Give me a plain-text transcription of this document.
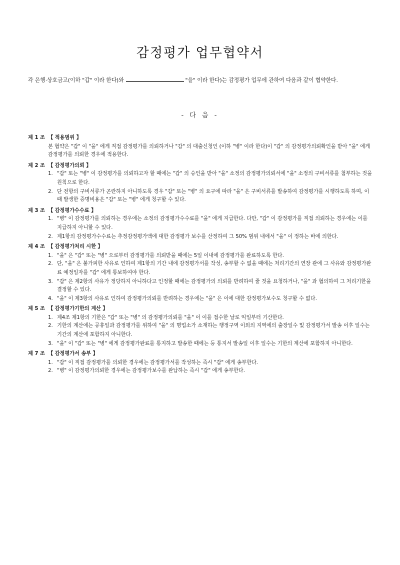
감정평가 업무협약서
각 은행·상호금고(이하 "갑" 이라 한다)와	"을" 이라 한다)는 감정평가 업무에 관하여 다음과 같이 협약한다.
- 다 음 -
제 1 조 【 적용범위 】
본 협약은 "갑" 이 "을" 에게 직접 감정평가를 의뢰하거나 "갑" 의 대출신청인 (이하 "병" 이라 한다)이 "갑" 의 감정평가의뢰확인을 받아 "을" 에게 감정평가를 의뢰한 경우에 적용한다.
제 2 조 【 감정평가의뢰 】
1. "갑" 또는 "병" 이 감정평가를 의뢰하고자 할 때에는 "갑" 의 승인을 받아 "을" 소정의 감정평가의뢰서에 "을" 소정의 구비서류를 첨부하는 것을 원칙으로 한다.
2. 단 전항의 구비서류가 곤란하지 아니하도록 경우 "갑" 또는 "병" 의 요구에 따라 "을" 은 구비서류를 발송하여 감정평가를 시행하도록 하며, 이때 발생한 증명비용은 "갑" 또는 "병" 에게 청구할 수 있다.
제 3 조 【 감정평가수수료 】
1. "병" 이 감정평가를 의뢰하는 경우에는 소정의 감정평가수수료를 "을" 에게 지급한다. 다만, "갑" 이 감정평가를 직접 의뢰하는 경우에는 이를 지급하지 아니할 수 있다.
2. 제1항의 감정평가수수료는 추정감정평가액에 대한 감정평가 보수를 산정하여 그 50% 범위 내에서 "을" 이 정하는 바에 의한다.
제 4 조 【 감정평가처리 시한 】
1. "을" 은 "갑" 또는 "병" 으로부터 감정평가를 의뢰받을 때에는 5일 이내에 감정평가를 완료하도록 한다.
2. 단, "을" 은 불가피한 사유로 인하여 제1항의 기간 내에 감정평가서를 작성, 송부할 수 없을 때에는 처리기간의 연장 관에 그 사유와 감정평가완료 예정일자를 "갑" 에게 통보하여야 한다.
3. "갑" 은 제2항의 사유가 정당하지 아니하다고 인정할 때에는 감정평가의 의뢰를 반려하여 줄 것을 요청하거나, "을" 과 협의하여 그 처리기한을 결정할 수 있다.
4. "을" 이 제3항의 사유로 인하여 감정평가의뢰를 반려하는 경우에는 "을" 은 이에 대한 감정평가보수도 청구할 수 없다.
제 5 조 【 감정평가기한의 계산 】
1. 제4조 제1항의 기한은 "갑" 또는 "병" 의 감정평가의뢰를 "을" 이 이를 접수한 날로 익일부터 기산한다.
2. 기한의 계산에는 공휴일과 감정평가를 위하여 "을" 의 명업소가 소재하는 행정구역 이외의 지역에의 출장일수 및 감정평가서 발송 이후 일수는 기간의 계산에 포함하지 아니한다.
3. "을" 이 "갑" 또는 "병" 에게 감정평가완료를 통지하고 발송한 때에는 등 통지서 발송일 이후 일수는 기한의 계산에 포함하지 아니한다.
제 7 조 【 감정평가서 송부 】
1. "갑" 이 직접 감정평가를 의뢰한 경우에는 감정평가서를 작성하는 즉시 "갑" 에게 송부한다.
2. "병" 이 감정평가의뢰한 경우에는 감정평가보수를 완납하는 즉시 "갑" 에게 송부한다.
